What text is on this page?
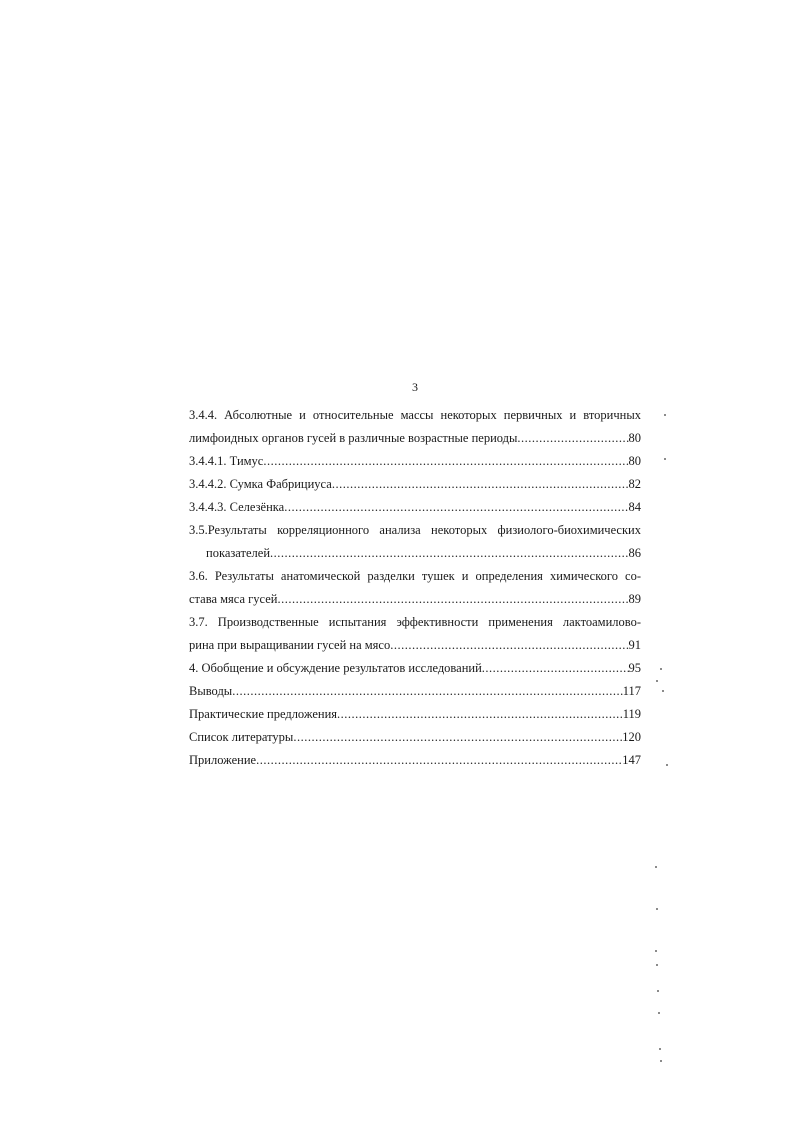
3
3.4.4. Абсолютные и относительные массы некоторых первичных и вторичных
лимфоидных органов гусей в различные возрастные периоды .....	80
3.4.4.1. Тимус .....	80
3.4.4.2. Сумка Фабрициуса .....	82
3.4.4.3. Селезёнка .....	84
3.5.Результаты корреляционного анализа некоторых физиолого-биохимических
показателей .....	86
3.6. Результаты анатомической разделки тушек и определения химического со-
става мяса гусей .....	89
3.7. Производственные испытания эффективности применения лактоамилово-
рина при выращивании гусей на мясо .....	91
4. Обобщение и обсуждение результатов исследований .....	95
Выводы .....	117
Практические предложения .....	119
Список литературы .....	120
Приложение .....	147
